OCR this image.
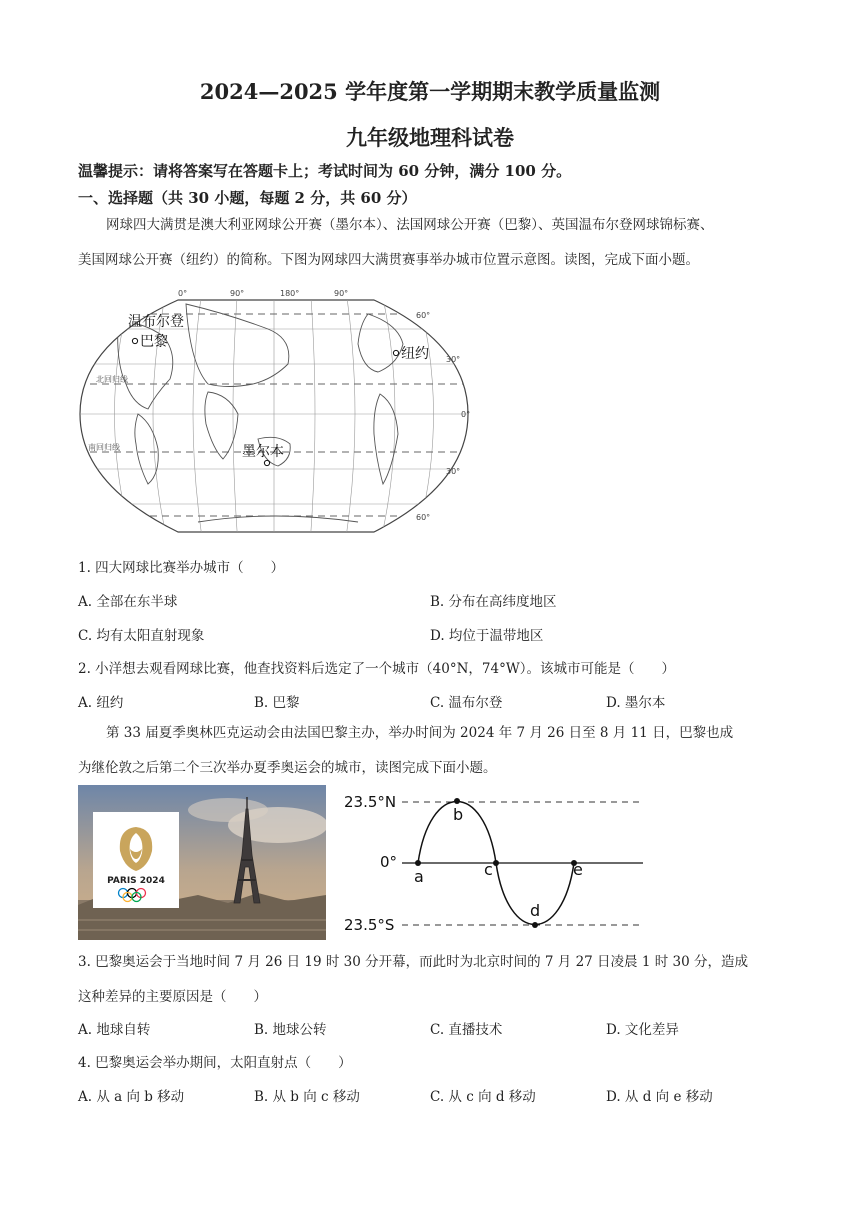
2024—2025 学年度第一学期期末教学质量监测
九年级地理科试卷
温馨提示：请将答案写在答题卡上；考试时间为 60 分钟，满分 100 分。
一、选择题（共 30 小题，每题 2 分，共 60 分）
网球四大满贯是澳大利亚网球公开赛（墨尔本）、法国网球公开赛（巴黎）、英国温布尔登网球锦标赛、
美国网球公开赛（纽约）的简称。下图为网球四大满贯赛事举办城市位置示意图。读图，完成下面小题。
0°	90°	180°	90°
60°
30°
0°
30°
60°
北回归线
南回归线
温布尔登
巴黎
纽约
墨尔本
1. 四大网球比赛举办城市（　　）
A. 全部在东半球	B. 分布在高纬度地区
C. 均有太阳直射现象	D. 均位于温带地区
2. 小洋想去观看网球比赛，他查找资料后选定了一个城市（40°N，74°W）。该城市可能是（　　）
A. 纽约	B. 巴黎	C. 温布尔登	D. 墨尔本
第 33 届夏季奥林匹克运动会由法国巴黎主办，举办时间为 2024 年 7 月 26 日至 8 月 11 日，巴黎也成
为继伦敦之后第二个三次举办夏季奥运会的城市，读图完成下面小题。
PARIS 2024
23.5°N
0°
23.5°S
a
b
c
d
e
3. 巴黎奥运会于当地时间 7 月 26 日 19 时 30 分开幕，而此时为北京时间的 7 月 27 日凌晨 1 时 30 分，造成
这种差异的主要原因是（　　）
A. 地球自转	B. 地球公转	C. 直播技术	D. 文化差异
4. 巴黎奥运会举办期间，太阳直射点（　　）
A. 从 a 向 b 移动	B. 从 b 向 c 移动	C. 从 c 向 d 移动	D. 从 d 向 e 移动
